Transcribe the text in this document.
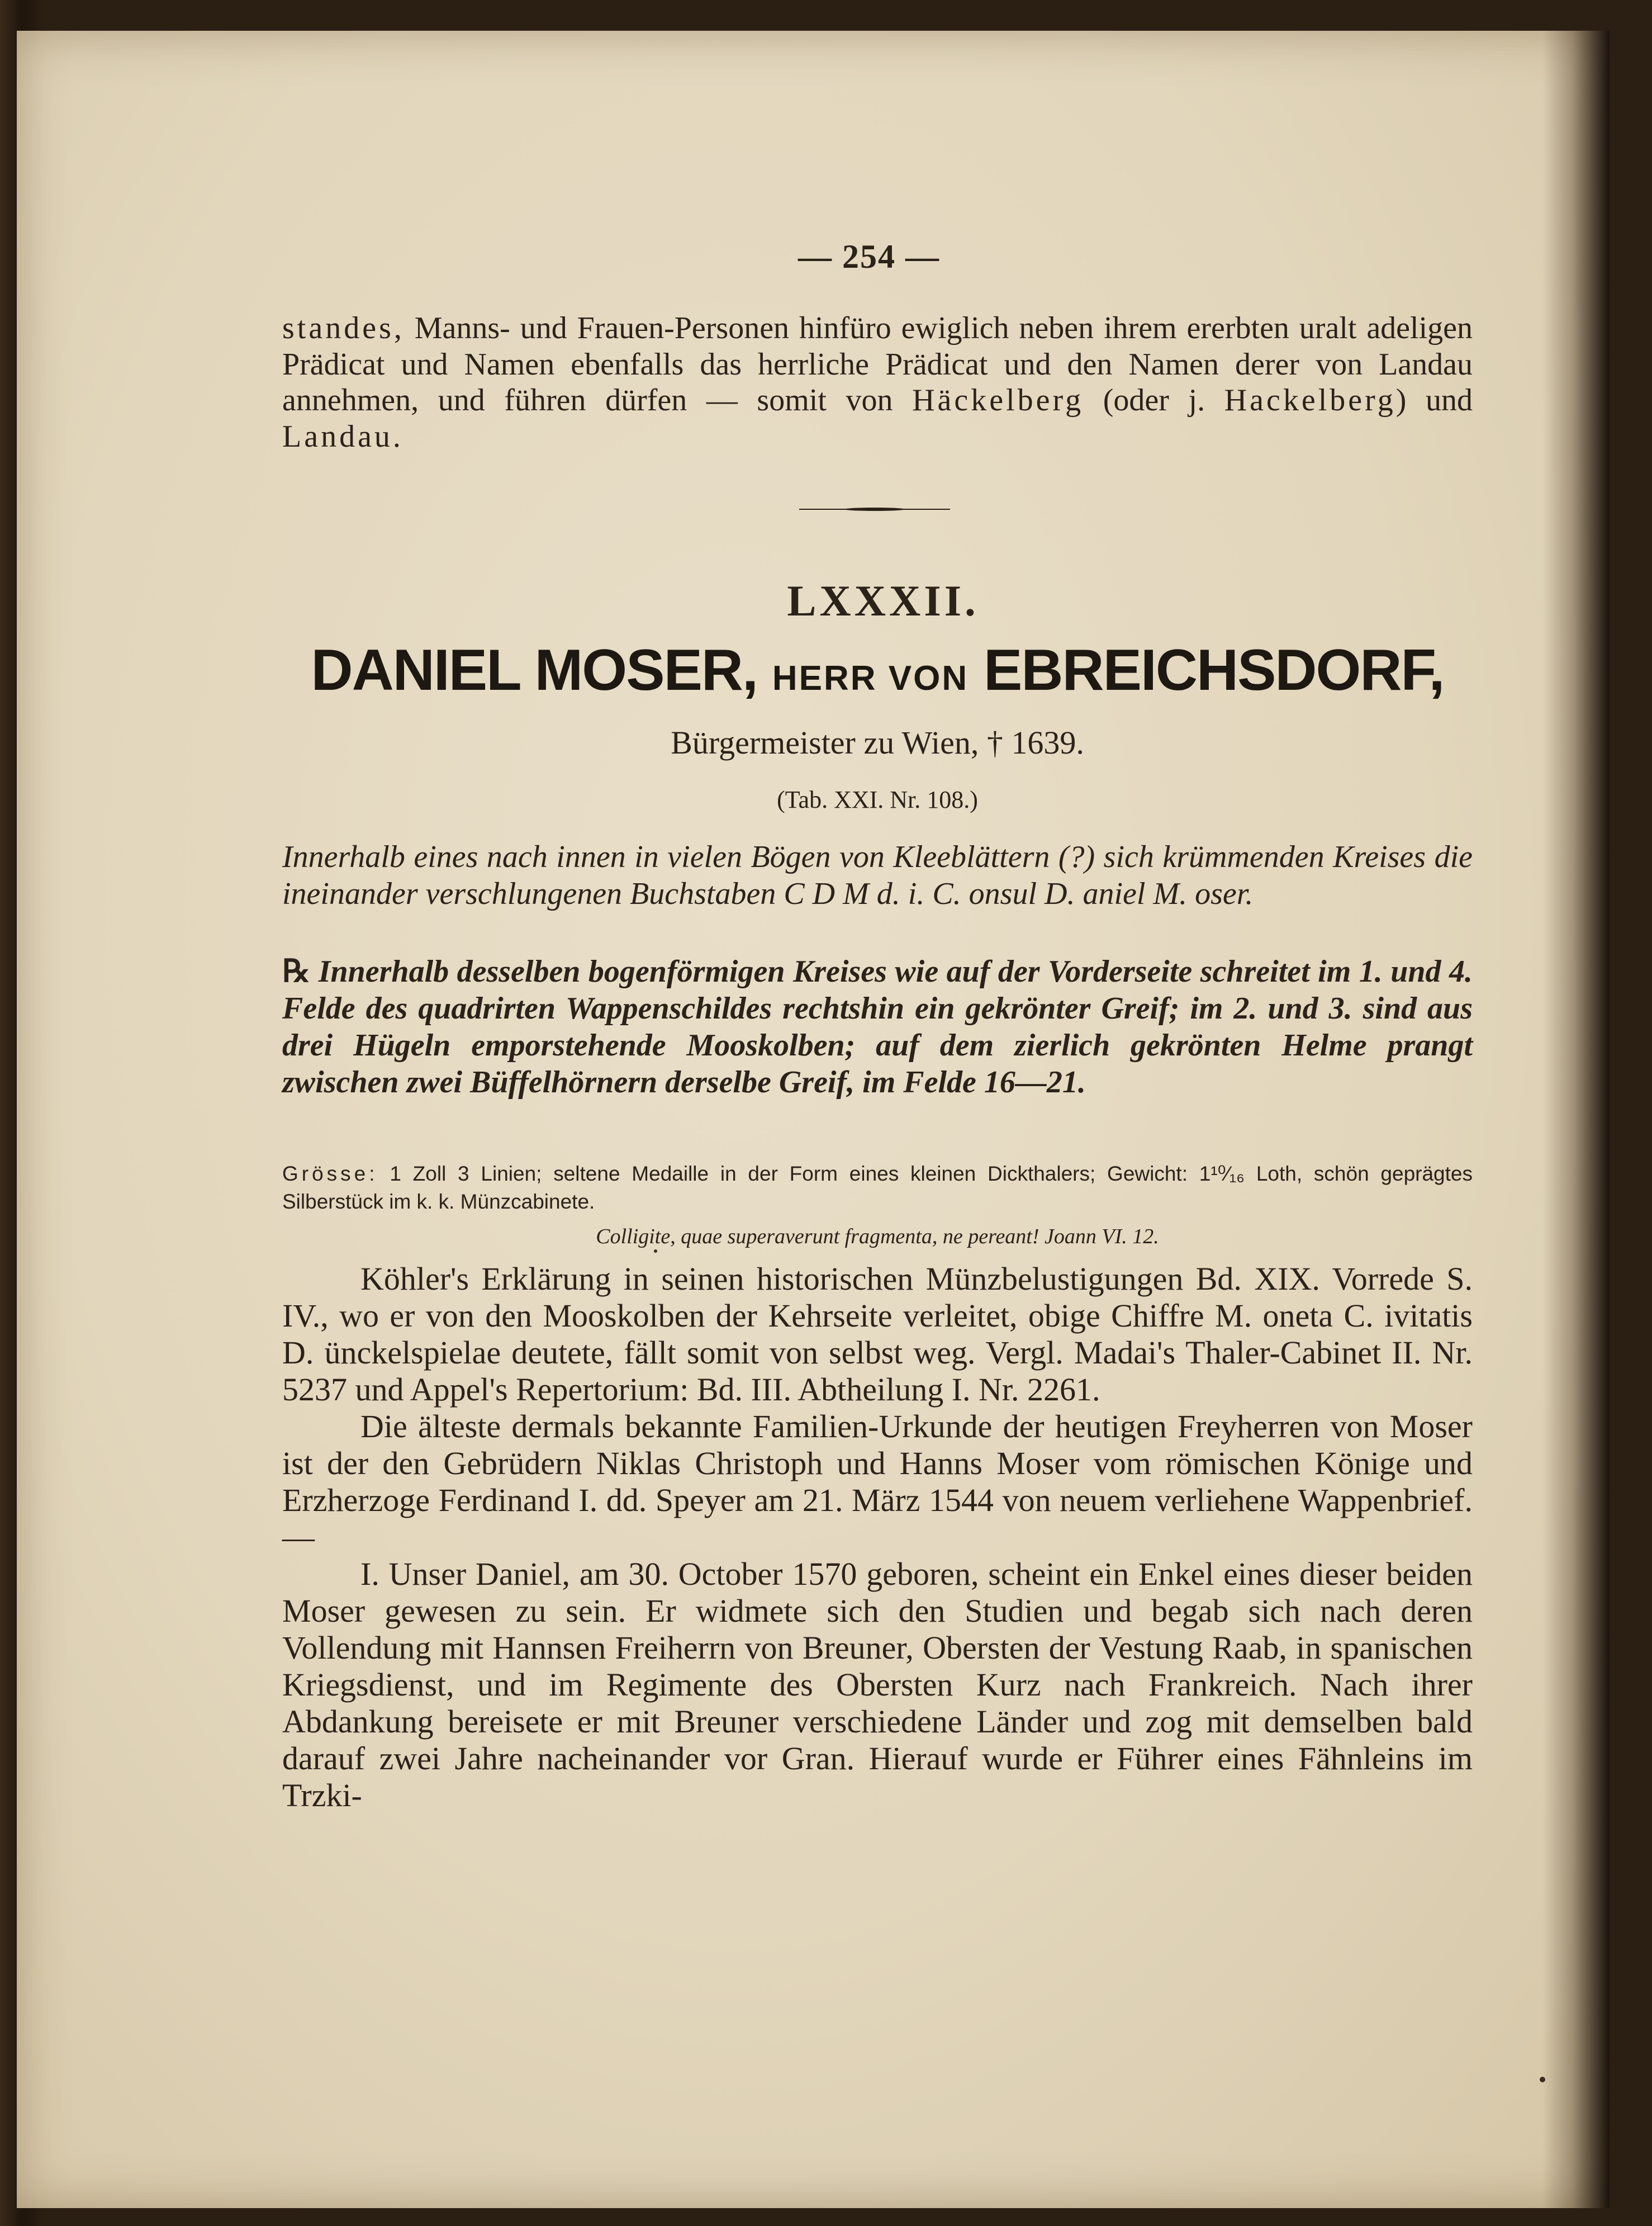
— 254 —

standes, Manns- und Frauen-Personen hinfüro ewiglich neben ihrem ererbten uralt adeligen Prädicat und Namen ebenfalls das herrliche Prädicat und den Namen derer von Landau annehmen, und führen dürfen — somit von Häckelberg (oder j. Hackelberg) und Landau.

LXXXII.
DANIEL MOSER, HERR VON EBREICHSDORF,
Bürgermeister zu Wien, † 1639.
(Tab. XXI. Nr. 108.)
Innerhalb eines nach innen in vielen Bögen von Kleeblättern (?) sich krümmenden Kreises die ineinander verschlungenen Buchstaben C D M d. i. C. onsul D. aniel M. oser.
℞ Innerhalb desselben bogenförmigen Kreises wie auf der Vorderseite schreitet im 1. und 4. Felde des quadrirten Wappenschildes rechtshin ein gekrönter Greif; im 2. und 3. sind aus drei Hügeln emporstehende Mooskolben; auf dem zierlich gekrönten Helme prangt zwischen zwei Büffelhörnern derselbe Greif, im Felde 16—21.
Grösse: 1 Zoll 3 Linien; seltene Medaille in der Form eines kleinen Dickthalers; Gewicht: 1¹⁰⁄₁₆ Loth, schön geprägtes Silberstück im k. k. Münzcabinete.
Colligite, quae superaverunt fragmenta, ne pereant! Joann VI. 12.

Köhler's Erklärung in seinen historischen Münzbelustigungen Bd. XIX. Vorrede S. IV., wo er von den Mooskolben der Kehrseite verleitet, obige Chiffre M. oneta C. ivitatis D. ünckelspielae deutete, fällt somit von selbst weg. Vergl. Madai's Thaler-Cabinet II. Nr. 5237 und Appel's Repertorium: Bd. III. Abtheilung I. Nr. 2261.

Die älteste dermals bekannte Familien-Urkunde der heutigen Freyherren von Moser ist der den Gebrüdern Niklas Christoph und Hanns Moser vom römischen Könige und Erzherzoge Ferdinand I. dd. Speyer am 21. März 1544 von neuem verliehene Wappenbrief. —

I. Unser Daniel, am 30. October 1570 geboren, scheint ein Enkel eines dieser beiden Moser gewesen zu sein. Er widmete sich den Studien und begab sich nach deren Vollendung mit Hannsen Freiherrn von Breuner, Obersten der Vestung Raab, in spanischen Kriegsdienst, und im Regimente des Obersten Kurz nach Frankreich. Nach ihrer Abdankung bereisete er mit Breuner verschiedene Länder und zog mit demselben bald darauf zwei Jahre nacheinander vor Gran. Hierauf wurde er Führer eines Fähnleins im Trzki-
